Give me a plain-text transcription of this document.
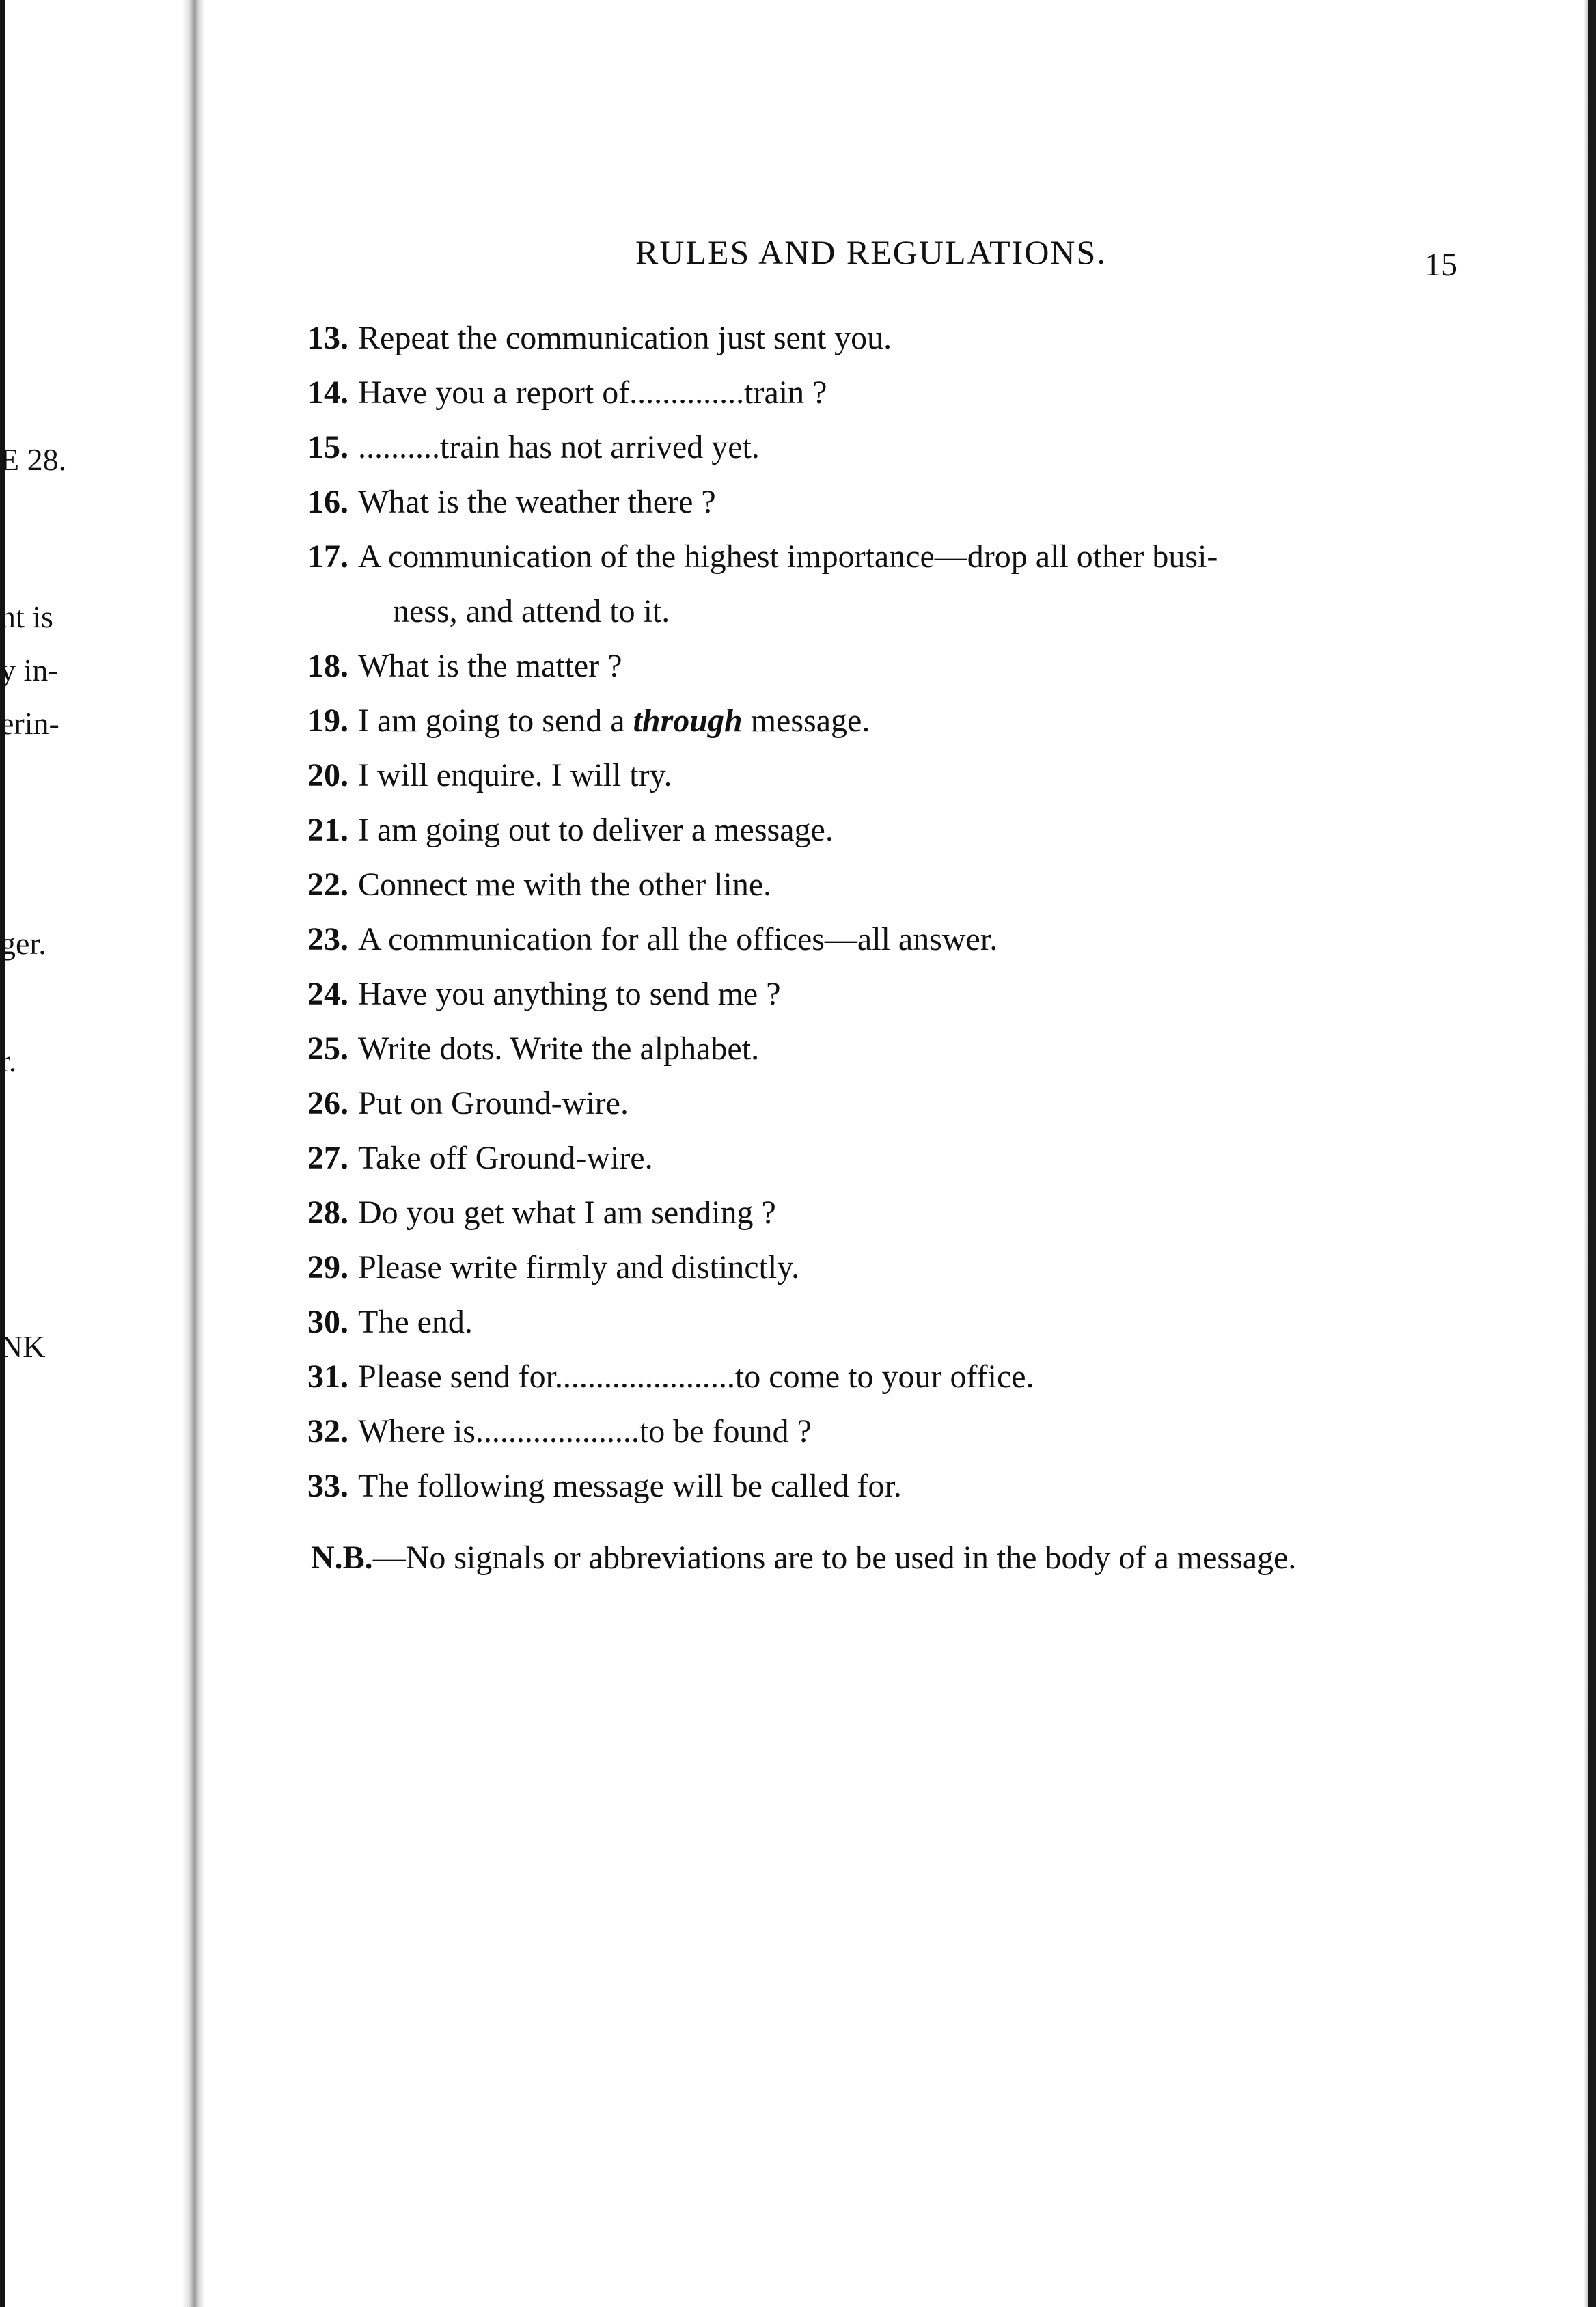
E 28.
nt is
y in-
erin-
ger.
r.
NK
RULES AND REGULATIONS.	15
13. Repeat the communication just sent you.
14. Have you a report of..............train ?
15. ..........train has not arrived yet.
16. What is the weather there ?
17. A communication of the highest importance—drop all other busi-
ness, and attend to it.
18. What is the matter ?
19. I am going to send a through message.
20. I will enquire. I will try.
21. I am going out to deliver a message.
22. Connect me with the other line.
23. A communication for all the offices—all answer.
24. Have you anything to send me ?
25. Write dots. Write the alphabet.
26. Put on Ground-wire.
27. Take off Ground-wire.
28. Do you get what I am sending ?
29. Please write firmly and distinctly.
30. The end.
31. Please send for......................to come to your office.
32. Where is....................to be found ?
33. The following message will be called for.
N.B.—No signals or abbreviations are to be used in the body of a message.
